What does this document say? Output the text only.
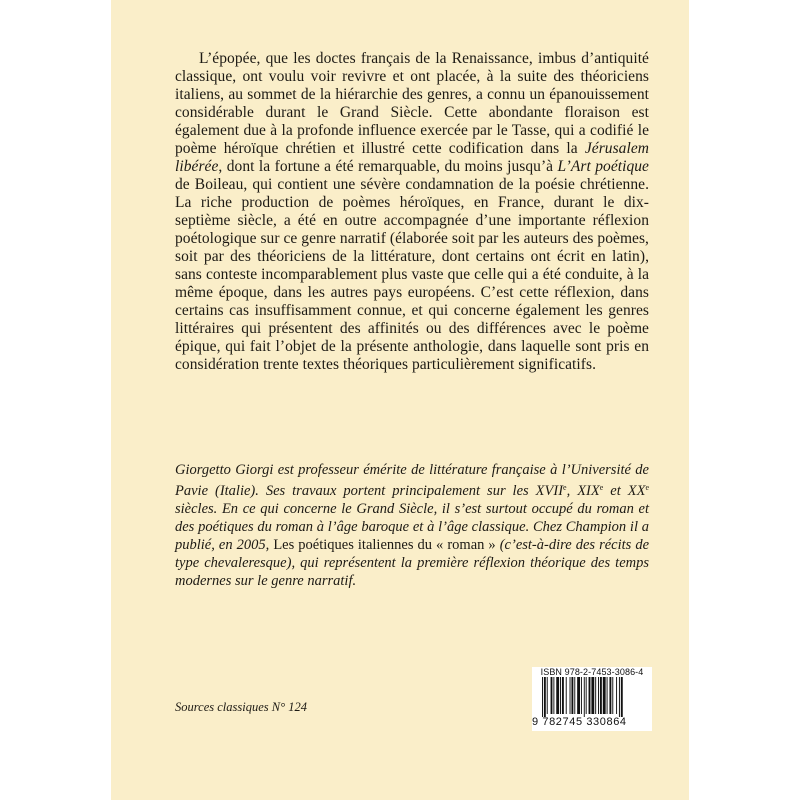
L’épopée, que les doctes français de la Renaissance, imbus d’antiquité classique, ont voulu voir revivre et ont placée, à la suite des théoriciens italiens, au sommet de la hiérarchie des genres, a connu un épanouissement considérable durant le Grand Siècle. Cette abondante floraison est également due à la profonde influence exercée par le Tasse, qui a codifié le poème héroïque chrétien et illustré cette codification dans la Jérusalem libérée, dont la fortune a été remarquable, du moins jusqu’à L’Art poétique de Boileau, qui contient une sévère condamnation de la poésie chrétienne. La riche production de poèmes héroïques, en France, durant le dix-septième siècle, a été en outre accompagnée d’une importante réflexion poétologique sur ce genre narratif (élaborée soit par les auteurs des poèmes, soit par des théoriciens de la littérature, dont certains ont écrit en latin), sans conteste incomparablement plus vaste que celle qui a été conduite, à la même époque, dans les autres pays européens. C’est cette réflexion, dans certains cas insuffisamment connue, et qui concerne également les genres littéraires qui présentent des affinités ou des différences avec le poème épique, qui fait l’objet de la présente anthologie, dans laquelle sont pris en considération trente textes théoriques particulièrement significatifs.

Giorgetto Giorgi est professeur émérite de littérature française à l’Université de Pavie (Italie). Ses travaux portent principalement sur les XVIIe, XIXe et XXe siècles. En ce qui concerne le Grand Siècle, il s’est surtout occupé du roman et des poétiques du roman à l’âge baroque et à l’âge classique. Chez Champion il a publié, en 2005, Les poétiques italiennes du « roman » (c’est-à-dire des récits de type chevaleresque), qui représentent la première réflexion théorique des temps modernes sur le genre narratif.

Sources classiques N° 124
ISBN 978-2-7453-3086-4
9 782745 330864
